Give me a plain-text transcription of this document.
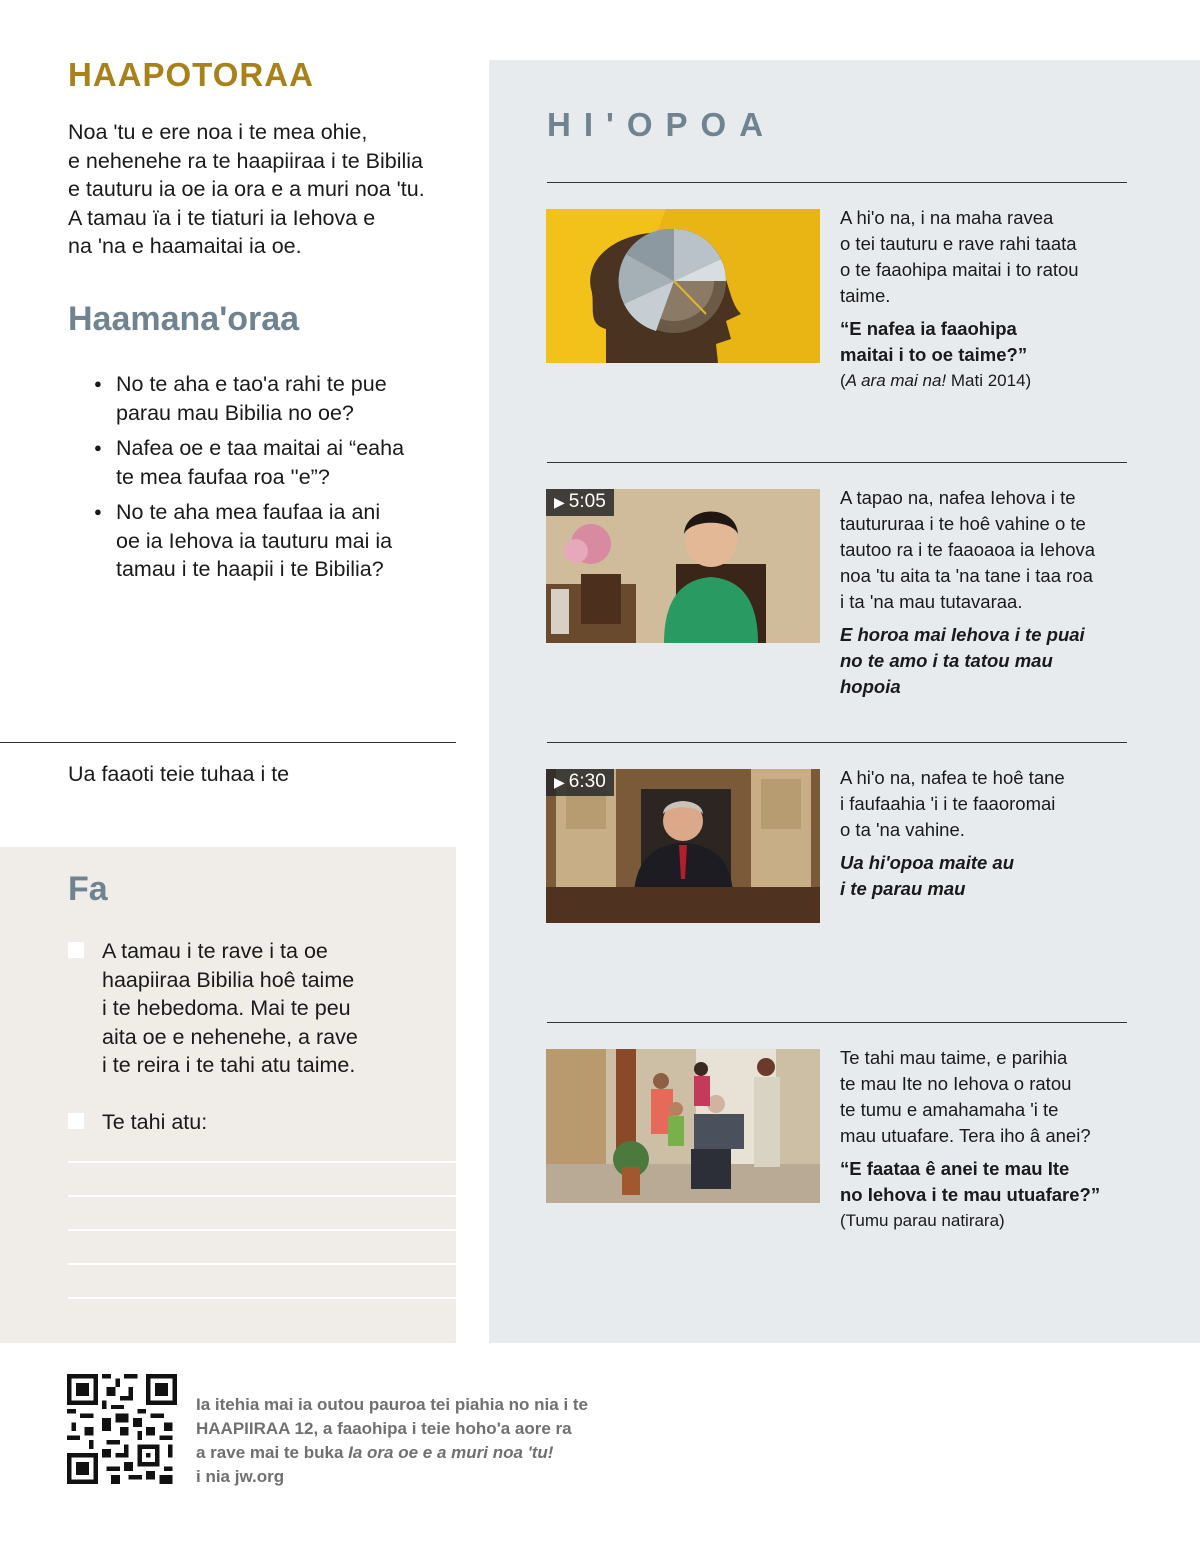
HAAPOTORAA

Noa 'tu e ere noa i te mea ohie,
e nehenehe ra te haapiiraa i te Bibilia
e tauturu ia oe ia ora e a muri noa 'tu.
A tamau ïa i te tiaturi ia Iehova e
na 'na e haamaitai ia oe.

Haamana'oraa
● No te aha e tao'a rahi te pue
parau mau Bibilia no oe?
● Nafea oe e taa maitai ai “eaha
te mea faufaa roa ''e”?
● No te aha mea faufaa ia ani
oe ia Iehova ia tauturu mai ia
tamau i te haapii i te Bibilia?

Ua faaoti teie tuhaa i te

Fa

A tamau i te rave i ta oe
haapiiraa Bibilia hoê taime
i te hebedoma. Mai te peu
aita oe e nehenehe, a rave
i te reira i te tahi atu taime.

Te tahi atu:

HI'OPOA

A hi'o na, i na maha ravea
o tei tauturu e rave rahi taata
o te faaohipa maitai i to ratou
taime.

“E nafea ia faaohipa
maitai i to oe taime?”

(A ara mai na! Mati 2014)

▶ 5:05	A tapao na, nafea Iehova i te
tautururaa i te hoê vahine o te
tautoo ra i te faaoaoa ia Iehova
noa 'tu aita ta 'na tane i taa roa
i ta 'na mau tutavaraa.

E horoa mai Iehova i te puai
no te amo i ta tatou mau
hopoia

▶ 6:30	A hi'o na, nafea te hoê tane
i faufaahia 'i i te faaoromai
o ta 'na vahine.

Ua hi'opoa maite au
i te parau mau

Te tahi mau taime, e parihia
te mau Ite no Iehova o ratou
te tumu e amahamaha 'i te
mau utuafare. Tera iho â anei?

“E faataa ê anei te mau Ite
no Iehova i te mau utuafare?”

(Tumu parau natirara)

Ia itehia mai ia outou pauroa tei piahia no nia i te
HAAPIIRAA 12, a faaohipa i teie hoho'a aore ra
a rave mai te buka Ia ora oe e a muri noa 'tu!
i nia jw.org
